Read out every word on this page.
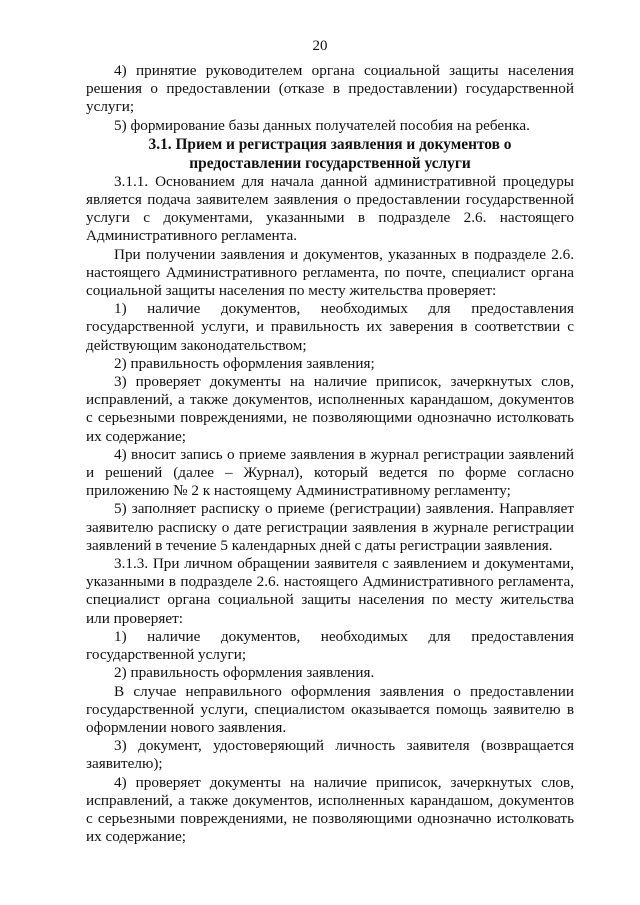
20

4) принятие руководителем органа социальной защиты населения решения о предоставлении (отказе в предоставлении) государственной услуги;

5) формирование базы данных получателей пособия на ребенка.

3.1. Прием и регистрация заявления и документов о
предоставлении государственной услуги

3.1.1. Основанием для начала данной административной процедуры является подача заявителем заявления о предоставлении государственной услуги с документами, указанными в подразделе 2.6. настоящего Административного регламента.

При получении заявления и документов, указанных в подразделе 2.6. настоящего Административного регламента, по почте, специалист органа социальной защиты населения по месту жительства проверяет:

1) наличие документов, необходимых для предоставления государственной услуги, и правильность их заверения в соответствии с действующим законодательством;

2) правильность оформления заявления;

3) проверяет документы на наличие приписок, зачеркнутых слов, исправлений, а также документов, исполненных карандашом, документов с серьезными повреждениями, не позволяющими однозначно истолковать их содержание;

4) вносит запись о приеме заявления в журнал регистрации заявлений и решений (далее – Журнал), который ведется по форме согласно приложению № 2 к настоящему Административному регламенту;

5) заполняет расписку о приеме (регистрации) заявления. Направляет заявителю расписку о дате регистрации заявления в журнале регистрации заявлений в течение 5 календарных дней с даты регистрации заявления.

3.1.3. При личном обращении заявителя с заявлением и документами, указанными в подразделе 2.6. настоящего Административного регламента, специалист органа социальной защиты населения по месту жительства или проверяет:

1) наличие документов, необходимых для предоставления государственной услуги;

2) правильность оформления заявления.

В случае неправильного оформления заявления о предоставлении государственной услуги, специалистом оказывается помощь заявителю в оформлении нового заявления.

3) документ, удостоверяющий личность заявителя (возвращается заявителю);

4) проверяет документы на наличие приписок, зачеркнутых слов, исправлений, а также документов, исполненных карандашом, документов с серьезными повреждениями, не позволяющими однозначно истолковать их содержание;
